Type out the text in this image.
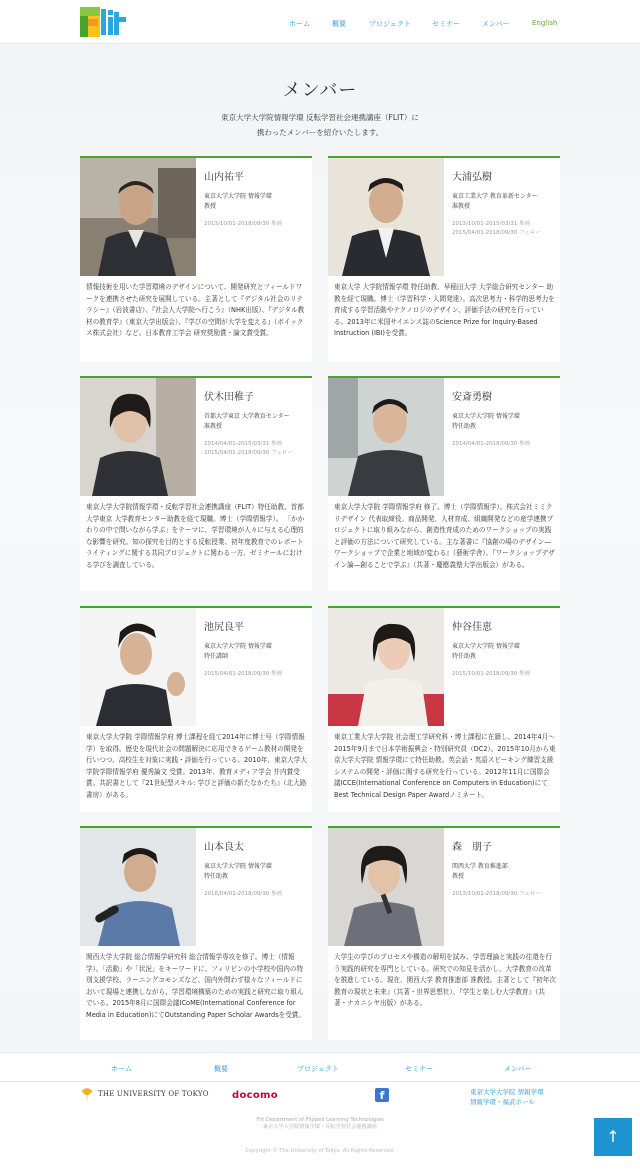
ホーム	概要	プロジェクト	セミナー	メンバー	English
メンバー
東京大学大学院情報学環 反転学習社会連携講座（FLIT）に
携わったメンバーを紹介いたします。
山内祐平
東京大学大学院 情報学環
教授
2013/10/01-2018/09/30 参画
情報技術を用いた学習環境のデザインについて、開発研究とフィールドワークを連携させた研究を展開している。主著として『デジタル社会のリテラシー』（岩波書店）、『社会人大学院へ行こう』（NHK出版）、『デジタル教材の教育学』（東京大学出版会）、『学びの空間が大学を変える』（ボイックス株式会社）など。日本教育工学会 研究奨励賞・論文賞受賞。
大浦弘樹
東京工業大学 教育革新センター
准教授
2013/10/01-2015/03/31 参画
2015/04/01-2018/09/30 フェロー
東京大学 大学院情報学環 特任助教、早稲田大学 大学総合研究センター 助教を経て現職。博士（学習科学・人間発達）。高次思考力・科学的思考力を育成する学習活動やテクノロジのデザイン、評価手法の研究を行っている。2013年に米国サイエンス誌のScience Prize for Inquiry-Based Instruction (IBI)を受賞。
伏木田稚子
首都大学東京 大学教育センター
准教授
2014/04/01-2015/03/31 参画
2015/04/01-2018/09/30 フェロー
東京大学大学院情報学環・反転学習社会連携講座（FLIT）特任助教、首都大学東京 大学教育センター助教を経て現職。博士（学際情報学）。 「かかわりの中で問いながら学ぶ」をテーマに、学習環境が人々に与える心理的な影響を研究。知の探究を目的とする反転授業、初年度教育でのレポートライティングに関する共同プロジェクトに関わる一方、ゼミナールにおける学びを調査している。
安斎勇樹
東京大学大学院 情報学環
特任助教
2014/04/01-2018/09/30 参画
東京大学大学院 学際情報学府 修了。博士（学際情報学）。株式会社ミミクリデザイン 代表取締役。商品開発、人材育成、組織開発などの産学連携プロジェクトに取り組みながら、創造性育成のためのワークショップの実践と評価の方法について研究している。主な著書に『協創の場のデザイン―ワークショップで企業と地域が変わる』（藝術学舎）、『ワークショップデザイン論―創ることで学ぶ』（共著・慶應義塾大学出版会）がある。
池尻良平
東京大学大学院 情報学環
特任講師
2015/04/01-2018/09/30 参画
東京大学大学院 学際情報学府 博士課程を経て2014年に博士号（学際情報学）を取得。歴史を現代社会の問題解決に応用できるゲーム教材の開発を行いつつ、高校生を対象に実践・評価を行っている。2010年、東京大学大学院学際情報学府 優秀論文 受賞。2013年、教育メディア学会 井内賞受賞。共訳書として『21世紀型スキル: 学びと評価の新たなかたち』（北大路書房）がある。
仲谷佳恵
東京大学大学院 情報学環
特任助教
2015/10/01-2018/09/30 参画
東京工業大学大学院 社会理工学研究科・博士課程に在籍し、2014年4月〜2015年9月まで日本学術振興会・特別研究員（DC2）。2015年10月から東京大学大学院 情報学環にて特任助教。英会話・英語スピーキング練習支援システムの開発・評価に関する研究を行っている。2012年11月に国際会議ICCE(International Conference on Computers in Education)にてBest Technical Design Paper Awardノミネート。
山本良太
東京大学大学院 情報学環
特任助教
2016/04/01-2018/09/30 参画
関西大学大学院 総合情報学研究科 総合情報学専攻を修了。博士（情報学）。「活動」や「状況」をキーワードに、フィリピンの小学校や国内の特別支援学校、ラーニングコモンズなど、国内外問わず様々なフィールドにおいて現場と連携しながら、学習環境構築のための実践と研究に取り組んでいる。2015年8月に国際会議ICoME(International Conference for Media in Education)にてOutstanding Paper Scholar Awardsを受賞。
森　朋子
関西大学 教育推進部
教授
2013/10/01-2018/09/30 フェロー
大学生の学びのプロセスや構造の解明を試み、学習理論と実践の往還を行う実践的研究を専門としている。研究での知見を活かし、大学教育の改革を推進している。現在、関西大学 教育推進部 准教授。主著として『初年次教育の現状と未来』（共著・世界思想社）、『学生と楽しむ大学教育』（共著・ナカニシヤ出版）がある。
ホーム	概要	プロジェクト	セミナー	メンバー
THE UNIVERSITY OF TOKYO docomo	f	東京大学大学院 情報学環
情報学環・福武ホール
Flit Department of Flipped Learning Technologies
東京大学大学院情報学環・反転学習社会連携講座
Copyright © The University of Tokyo. All Rights Reserved.
↑
